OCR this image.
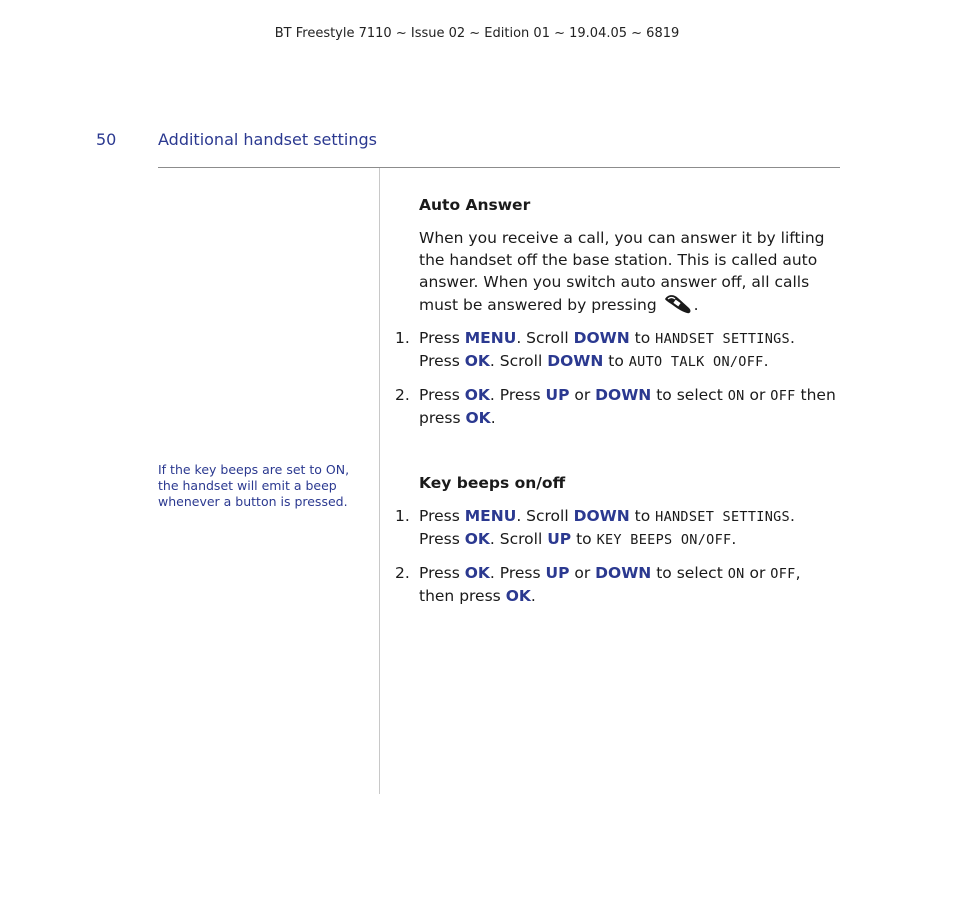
BT Freestyle 7110 ~ Issue 02 ~ Edition 01 ~ 19.04.05 ~ 6819
50	Additional handset settings
If the key beeps are set to ON, the handset will emit a beep whenever a button is pressed.
Auto Answer
When you receive a call, you can answer it by lifting the handset off the base station. This is called auto answer. When you switch auto answer off, all calls must be answered by pressing .
1. Press MENU. Scroll DOWN to HANDSET SETTINGS.
Press OK. Scroll DOWN to AUTO TALK ON/OFF.
2. Press OK. Press UP or DOWN to select ON or OFF then press OK.
Key beeps on/off
1. Press MENU. Scroll DOWN to HANDSET SETTINGS.
Press OK. Scroll UP to KEY BEEPS ON/OFF.
2. Press OK. Press UP or DOWN to select ON or OFF, then press OK.
